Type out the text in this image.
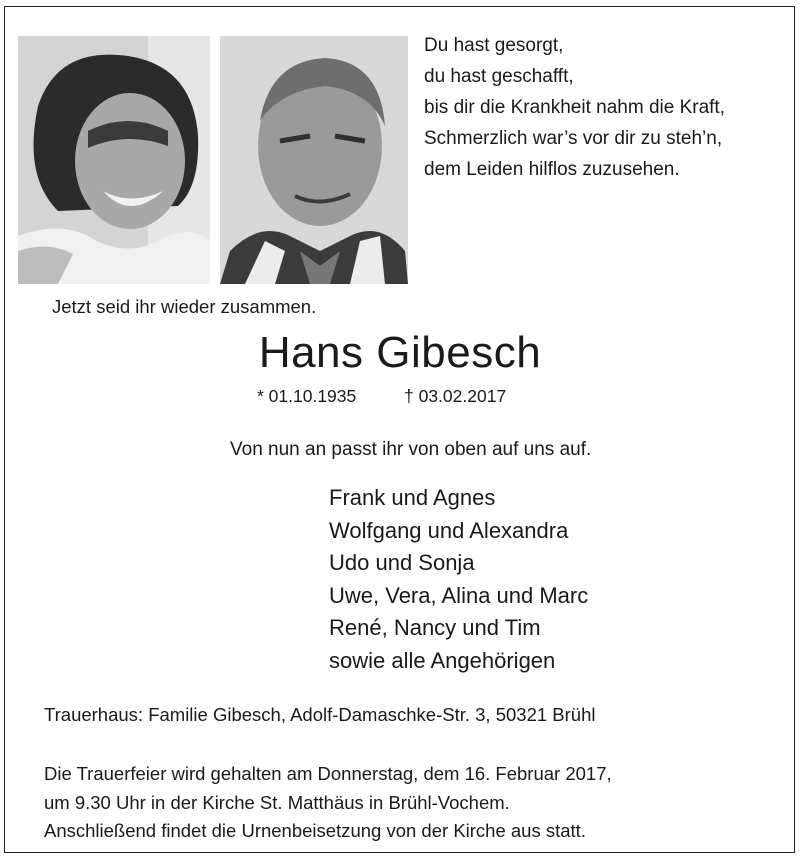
Du hast gesorgt,
du hast geschafft,
bis dir die Krankheit nahm die Kraft,
Schmerzlich war’s vor dir zu steh’n,
dem Leiden hilflos zuzusehen.
Jetzt seid ihr wieder zusammen.
Hans Gibesch
* 01.10.1935	† 03.02.2017
Von nun an passt ihr von oben auf uns auf.
Frank und Agnes
Wolfgang und Alexandra
Udo und Sonja
Uwe, Vera, Alina und Marc
René, Nancy und Tim
sowie alle Angehörigen
Trauerhaus: Familie Gibesch, Adolf-Damaschke-Str. 3, 50321 Brühl
Die Trauerfeier wird gehalten am Donnerstag, dem 16. Februar 2017,
um 9.30 Uhr in der Kirche St. Matthäus in Brühl-Vochem.
Anschließend findet die Urnenbeisetzung von der Kirche aus statt.
